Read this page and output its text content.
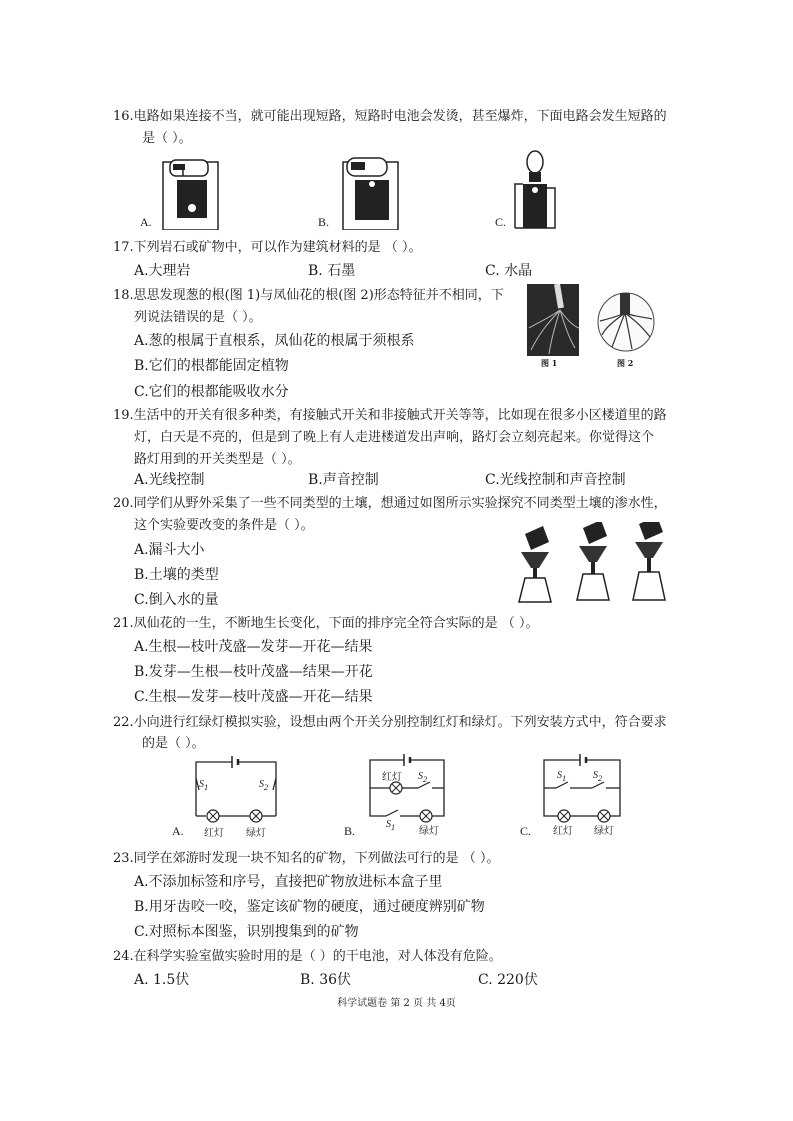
16.电路如果连接不当，就可能出现短路，短路时电池会发烫，甚至爆炸，下面电路会发生短路的
是（ ）。
A.	B.	C.
17.下列岩石或矿物中，可以作为建筑材料的是 （ ）。
A.大理岩	B. 石墨	C. 水晶
18.思思发现葱的根(图 1)与凤仙花的根(图 2)形态特征并不相同，下
列说法错误的是（ ）。
A.葱的根属于直根系，凤仙花的根属于须根系
B.它们的根都能固定植物
C.它们的根都能吸收水分
图 1	图 2
19.生活中的开关有很多种类，有接触式开关和非接触式开关等等，比如现在很多小区楼道里的路
灯，白天是不亮的，但是到了晚上有人走进楼道发出声响，路灯会立刻亮起来。你觉得这个
路灯用到的开关类型是（ ）。
A.光线控制	B.声音控制	C.光线控制和声音控制
20.同学们从野外采集了一些不同类型的土壤，想通过如图所示实验探究不同类型土壤的渗水性，
这个实验要改变的条件是（ ）。
A.漏斗大小
B.土壤的类型
C.倒入水的量
21.凤仙花的一生，不断地生长变化，下面的排序完全符合实际的是 （ ）。
A.生根—枝叶茂盛—发芽—开花—结果
B.发芽—生根—枝叶茂盛—结果—开花
C.生根—发芽—枝叶茂盛—开花—结果
22.小向进行红绿灯模拟实验，设想由两个开关分别控制红灯和绿灯。下列安装方式中，符合要求
的是（ ）。
$S_1$	$S_2$
红灯 绿灯
A.
红灯 $S_2$
$S_1$ 绿灯
B.
$S_1$	$S_2$
红灯 绿灯
C.
23.同学在郊游时发现一块不知名的矿物，下列做法可行的是 （ ）。
A.不添加标签和序号，直接把矿物放进标本盒子里
B.用牙齿咬一咬，鉴定该矿物的硬度，通过硬度辨别矿物
C.对照标本图鉴，识别搜集到的矿物
24.在科学实验室做实验时用的是（ ）的干电池，对人体没有危险。
A. 1.5伏	B. 36伏	C. 220伏
科学试题卷 第 2 页 共 4页
